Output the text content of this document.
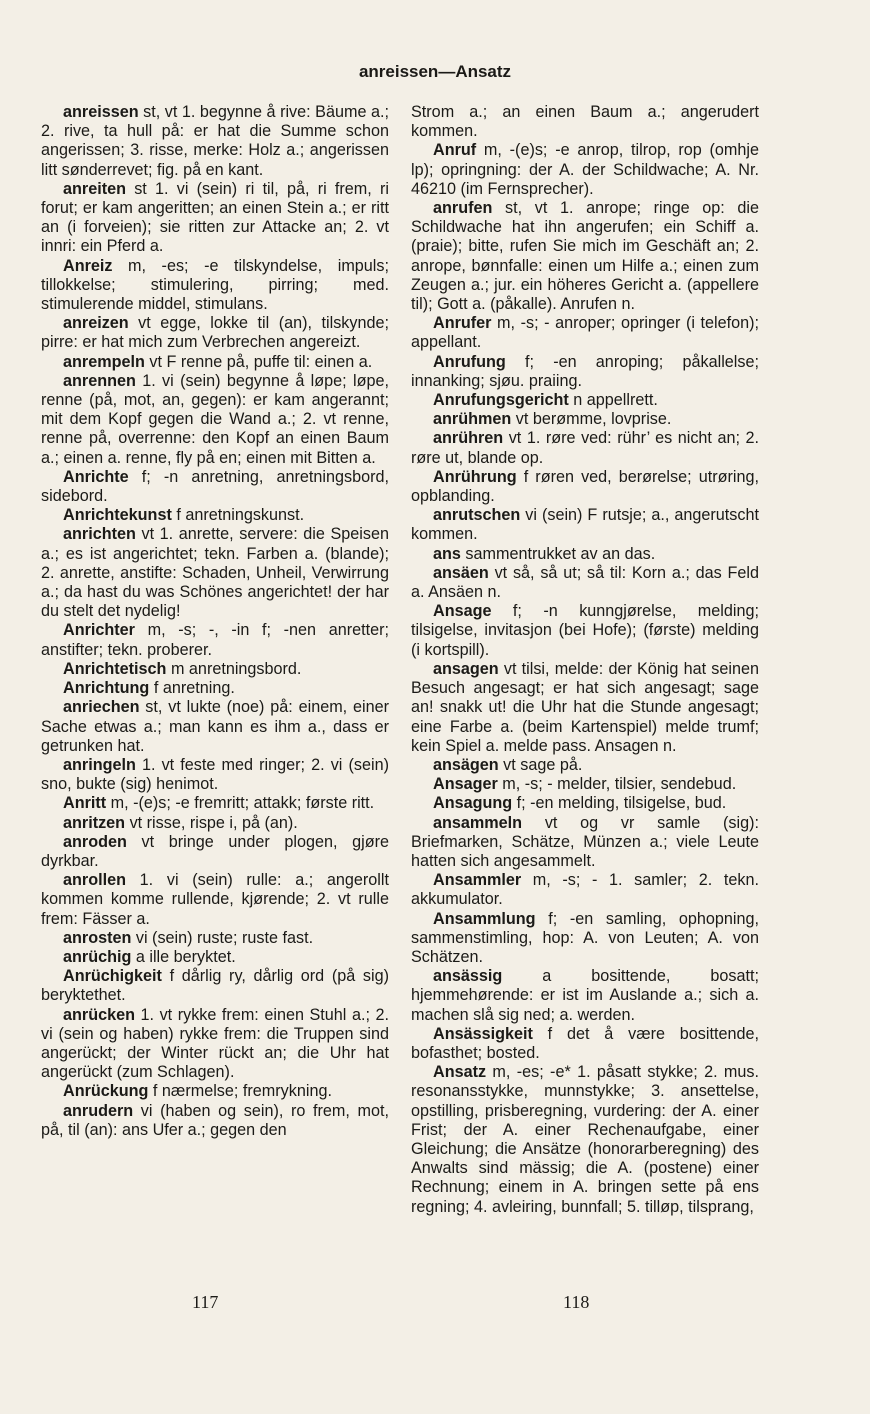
anreissen—Ansatz

anreissen st, vt 1. begynne å rive: Bäume a.; 2. rive, ta hull på: er hat die Summe schon angerissen; 3. risse, merke: Holz a.; angerissen litt sønderrevet; fig. på en kant.

anreiten st 1. vi (sein) ri til, på, ri frem, ri forut; er kam angeritten; an einen Stein a.; er ritt an (i forveien); sie ritten zur Attacke an; 2. vt innri: ein Pferd a.

Anreiz m, -es; -e tilskyndelse, impuls; tillokkelse; stimulering, pirring; med. stimulerende middel, stimulans.

anreizen vt egge, lokke til (an), tilskynde; pirre: er hat mich zum Verbrechen angereizt.

anrempeln vt F renne på, puffe til: einen a.

anrennen 1. vi (sein) begynne å løpe; løpe, renne (på, mot, an, gegen): er kam angerannt; mit dem Kopf gegen die Wand a.; 2. vt renne, renne på, overrenne: den Kopf an einen Baum a.; einen a. renne, fly på en; einen mit Bitten a.

Anrichte f; -n anretning, anretningsbord, sidebord.

Anrichtekunst f anretningskunst.

anrichten vt 1. anrette, servere: die Speisen a.; es ist angerichtet; tekn. Farben a. (blande); 2. anrette, anstifte: Schaden, Unheil, Verwirrung a.; da hast du was Schönes angerichtet! der har du stelt det nydelig!

Anrichter m, -s; -, -in f; -nen anretter; anstifter; tekn. proberer.

Anrichtetisch m anretningsbord.

Anrichtung f anretning.

anriechen st, vt lukte (noe) på: einem, einer Sache etwas a.; man kann es ihm a., dass er getrunken hat.

anringeln 1. vt feste med ringer; 2. vi (sein) sno, bukte (sig) henimot.

Anritt m, -(e)s; -e fremritt; attakk; første ritt.

anritzen vt risse, rispe i, på (an).

anroden vt bringe under plogen, gjøre dyrkbar.

anrollen 1. vi (sein) rulle: a.; angerollt kommen komme rullende, kjørende; 2. vt rulle frem: Fässer a.

anrosten vi (sein) ruste; ruste fast.

anrüchig a ille beryktet.

Anrüchigkeit f dårlig ry, dårlig ord (på sig) beryktethet.

anrücken 1. vt rykke frem: einen Stuhl a.; 2. vi (sein og haben) rykke frem: die Truppen sind angerückt; der Winter rückt an; die Uhr hat angerückt (zum Schlagen).

Anrückung f nærmelse; fremrykning.

anrudern vi (haben og sein), ro frem, mot, på, til (an): ans Ufer a.; gegen den

Strom a.; an einen Baum a.; angerudert kommen.

Anruf m, -(e)s; -e anrop, tilrop, rop (omhje lp); opringning: der A. der Schildwache; A. Nr. 46210 (im Fernsprecher).

anrufen st, vt 1. anrope; ringe op: die Schildwache hat ihn angerufen; ein Schiff a. (praie); bitte, rufen Sie mich im Geschäft an; 2. anrope, bønnfalle: einen um Hilfe a.; einen zum Zeugen a.; jur. ein höheres Gericht a. (appellere til); Gott a. (påkalle). Anrufen n.

Anrufer m, -s; - anroper; opringer (i telefon); appellant.

Anrufung f; -en anroping; påkallelse; innanking; sjøu. praiing.

Anrufungsgericht n appellrett.

anrühmen vt berømme, lovprise.

anrühren vt 1. røre ved: rühr’ es nicht an; 2. røre ut, blande op.

Anrührung f røren ved, berørelse; utrøring, opblanding.

anrutschen vi (sein) F rutsje; a., angerutscht kommen.

ans sammentrukket av an das.

ansäen vt så, så ut; så til: Korn a.; das Feld a. Ansäen n.

Ansage f; -n kunngjørelse, melding; tilsigelse, invitasjon (bei Hofe); (første) melding (i kortspill).

ansagen vt tilsi, melde: der König hat seinen Besuch angesagt; er hat sich angesagt; sage an! snakk ut! die Uhr hat die Stunde angesagt; eine Farbe a. (beim Kartenspiel) melde trumf; kein Spiel a. melde pass. Ansagen n.

ansägen vt sage på.

Ansager m, -s; - melder, tilsier, sendebud.

Ansagung f; -en melding, tilsigelse, bud.

ansammeln vt og vr samle (sig): Briefmarken, Schätze, Münzen a.; viele Leute hatten sich angesammelt.

Ansammler m, -s; - 1. samler; 2. tekn. akkumulator.

Ansammlung f; -en samling, ophopning, sammenstimling, hop: A. von Leuten; A. von Schätzen.

ansässig a bosittende, bosatt; hjemmehørende: er ist im Auslande a.; sich a. machen slå sig ned; a. werden.

Ansässigkeit f det å være bosittende, bofasthet; bosted.

Ansatz m, -es; -e* 1. påsatt stykke; 2. mus. resonansstykke, munnstykke; 3. ansettelse, opstilling, prisberegning, vurdering: der A. einer Frist; der A. einer Rechenaufgabe, einer Gleichung; die Ansätze (honorarberegning) des Anwalts sind mässig; die A. (postene) einer Rechnung; einem in A. bringen sette på ens regning; 4. avleiring, bunnfall; 5. tilløp, tilsprang,

117	118
